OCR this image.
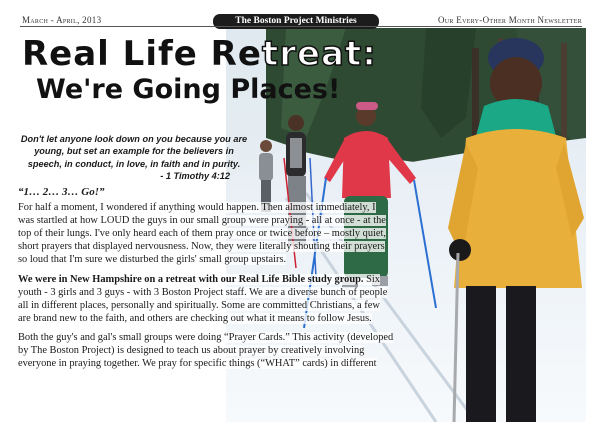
March - April, 2013	The Boston Project Ministries	Our Every-Other Month Newsletter
Real Life Retreat:
We're Going Places!
Don't let anyone look down on you because you are young, but set an example for the believers in speech, in conduct, in love, in faith and in purity.
- 1 Timothy 4:12

“1… 2… 3… Go!”

For half a moment, I wondered if anything would happen. Then almost immediately, I was startled at how LOUD the guys in our small group were praying - all at once - at the top of their lungs. I've only heard each of them pray once or twice before – mostly quiet, short prayers that displayed nervousness. Now, they were literally shouting their prayers so loud that I'm sure we disturbed the girls' small group upstairs.

We were in New Hampshire on a retreat with our Real Life Bible study group. Six youth - 3 girls and 3 guys - with 3 Boston Project staff. We are a diverse bunch of people all in different places, personally and spiritually. Some are committed Christians, a few are brand new to the faith, and others are checking out what it means to follow Jesus.

Both the guy's and gal's small groups were doing “Prayer Cards.” This activity (developed by The Boston Project) is designed to teach us about prayer by creatively involving everyone in praying together. We pray for specific things (“WHAT” cards) in different
